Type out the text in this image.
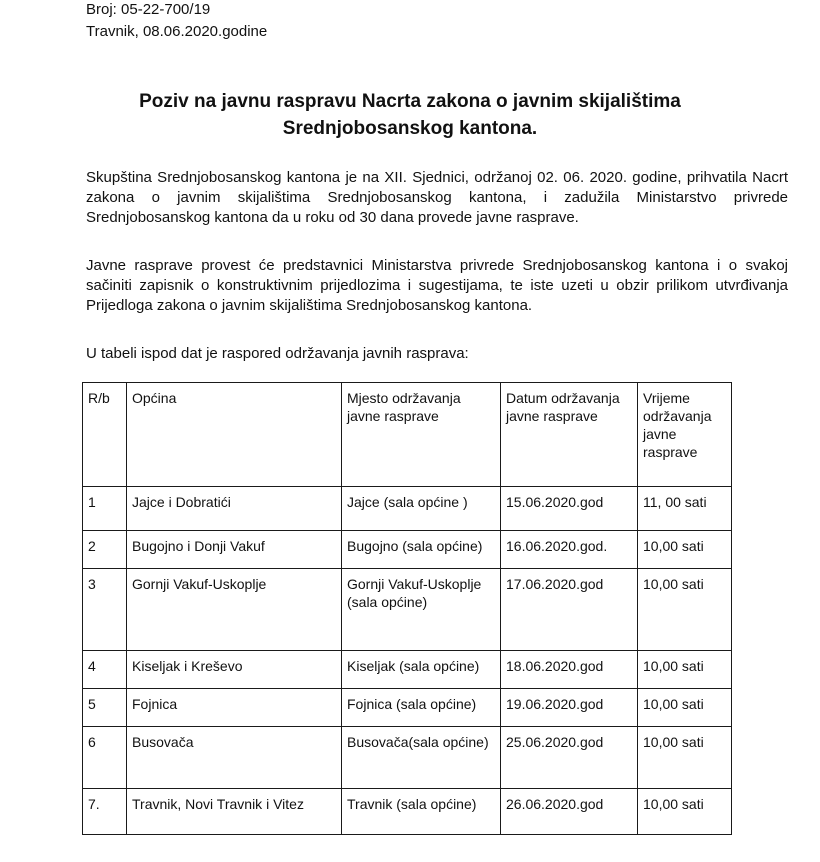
Broj: 05-22-700/19
Travnik, 08.06.2020.godine
Poziv na javnu raspravu Nacrta zakona o javnim skijalištima
Srednjobosanskog kantona.
Skupština Srednjobosanskog kantona je na XII. Sjednici, održanoj 02. 06. 2020. godine, prihvatila Nacrt zakona o javnim skijalištima Srednjobosanskog kantona, i zadužila Ministarstvo privrede Srednjobosanskog kantona da u roku od 30 dana provede javne rasprave.
Javne rasprave provest će predstavnici Ministarstva privrede Srednjobosanskog kantona i o svakoj sačiniti zapisnik o konstruktivnim prijedlozima i sugestijama, te iste uzeti u obzir prilikom utvrđivanja Prijedloga zakona o javnim skijalištima Srednjobosanskog kantona.
U tabeli ispod dat je raspored održavanja javnih rasprava:
R/b	Općina	Mjesto održavanja javne rasprave	Datum održavanja javne rasprave	Vrijeme održavanja javne rasprave
1	Jajce i Dobratići	Jajce (sala općine )	15.06.2020.god	11, 00 sati
2	Bugojno i Donji Vakuf	Bugojno (sala općine)	16.06.2020.god.	10,00 sati
3	Gornji Vakuf-Uskoplje	Gornji Vakuf-Uskoplje (sala općine)	17.06.2020.god	10,00 sati
4	Kiseljak i Kreševo	Kiseljak (sala općine)	18.06.2020.god	10,00 sati
5	Fojnica	Fojnica (sala općine)	19.06.2020.god	10,00 sati
6	Busovača	Busovača(sala općine)	25.06.2020.god	10,00 sati
7.	Travnik, Novi Travnik i Vitez	Travnik (sala općine)	26.06.2020.god	10,00 sati
